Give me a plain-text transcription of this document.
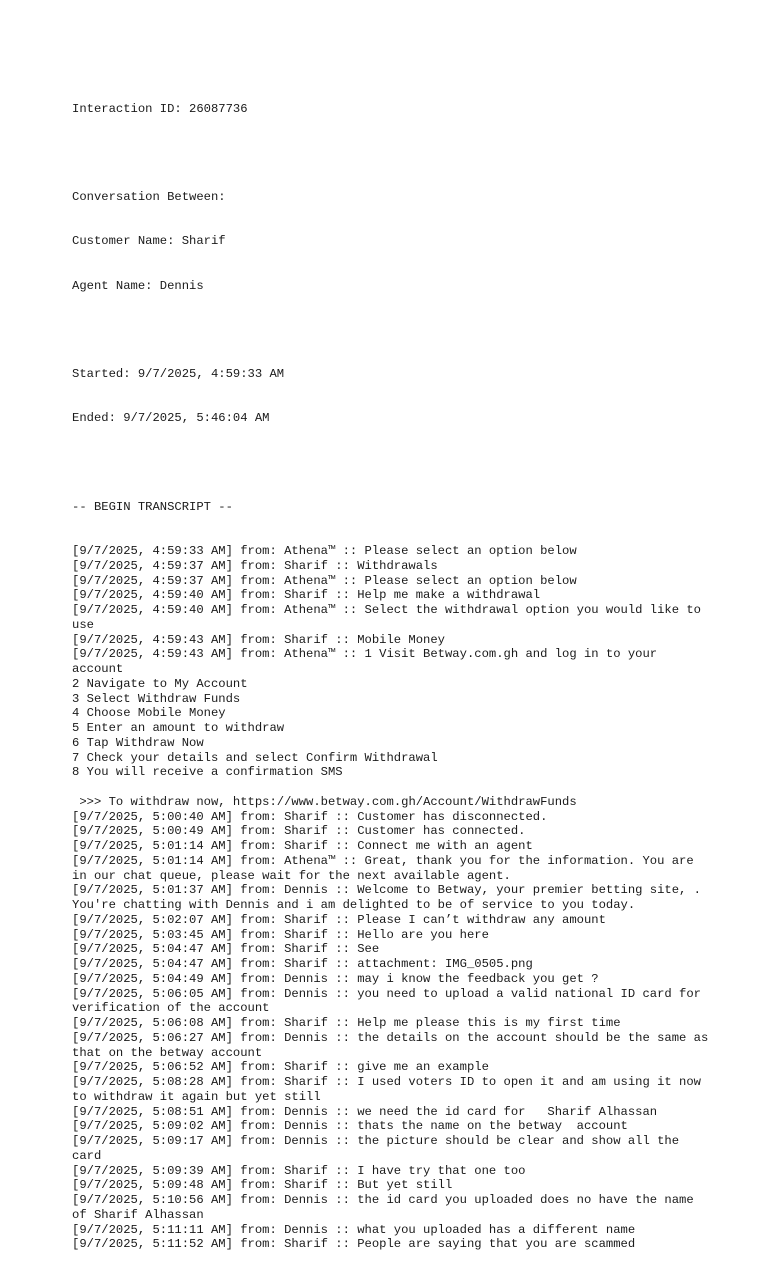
Interaction ID: 26087736

Conversation Between:

Customer Name: Sharif

Agent Name: Dennis

Started: 9/7/2025, 4:59:33 AM

Ended: 9/7/2025, 5:46:04 AM

-- BEGIN TRANSCRIPT --

[9/7/2025, 4:59:33 AM] from: Athena™ :: Please select an option below
[9/7/2025, 4:59:37 AM] from: Sharif :: Withdrawals
[9/7/2025, 4:59:37 AM] from: Athena™ :: Please select an option below
[9/7/2025, 4:59:40 AM] from: Sharif :: Help me make a withdrawal
[9/7/2025, 4:59:40 AM] from: Athena™ :: Select the withdrawal option you would like to use
[9/7/2025, 4:59:43 AM] from: Sharif :: Mobile Money
[9/7/2025, 4:59:43 AM] from: Athena™ :: 1 Visit Betway.com.gh and log in to your account
2 Navigate to My Account
3 Select Withdraw Funds
4 Choose Mobile Money
5 Enter an amount to withdraw
6 Tap Withdraw Now
7 Check your details and select Confirm Withdrawal
8 You will receive a confirmation SMS
>>> To withdraw now, https://www.betway.com.gh/Account/WithdrawFunds
[9/7/2025, 5:00:40 AM] from: Sharif :: Customer has disconnected.
[9/7/2025, 5:00:49 AM] from: Sharif :: Customer has connected.
[9/7/2025, 5:01:14 AM] from: Sharif :: Connect me with an agent
[9/7/2025, 5:01:14 AM] from: Athena™ :: Great, thank you for the information. You are in our chat queue, please wait for the next available agent.
[9/7/2025, 5:01:37 AM] from: Dennis :: Welcome to Betway, your premier betting site, . You're chatting with Dennis and i am delighted to be of service to you today.
[9/7/2025, 5:02:07 AM] from: Sharif :: Please I can’t withdraw any amount
[9/7/2025, 5:03:45 AM] from: Sharif :: Hello are you here
[9/7/2025, 5:04:47 AM] from: Sharif :: See
[9/7/2025, 5:04:47 AM] from: Sharif :: attachment: IMG_0505.png
[9/7/2025, 5:04:49 AM] from: Dennis :: may i know the feedback you get ?
[9/7/2025, 5:06:05 AM] from: Dennis :: you need to upload a valid national ID card for verification of the account
[9/7/2025, 5:06:08 AM] from: Sharif :: Help me please this is my first time
[9/7/2025, 5:06:27 AM] from: Dennis :: the details on the account should be the same as that on the betway account
[9/7/2025, 5:06:52 AM] from: Sharif :: give me an example
[9/7/2025, 5:08:28 AM] from: Sharif :: I used voters ID to open it and am using it now to withdraw it again but yet still
[9/7/2025, 5:08:51 AM] from: Dennis :: we need the id card for   Sharif Alhassan
[9/7/2025, 5:09:02 AM] from: Dennis :: thats the name on the betway  account
[9/7/2025, 5:09:17 AM] from: Dennis :: the picture should be clear and show all the card
[9/7/2025, 5:09:39 AM] from: Sharif :: I have try that one too
[9/7/2025, 5:09:48 AM] from: Sharif :: But yet still
[9/7/2025, 5:10:56 AM] from: Dennis :: the id card you uploaded does no have the name of Sharif Alhassan
[9/7/2025, 5:11:11 AM] from: Dennis :: what you uploaded has a different name
[9/7/2025, 5:11:52 AM] from: Sharif :: People are saying that you are scammed
